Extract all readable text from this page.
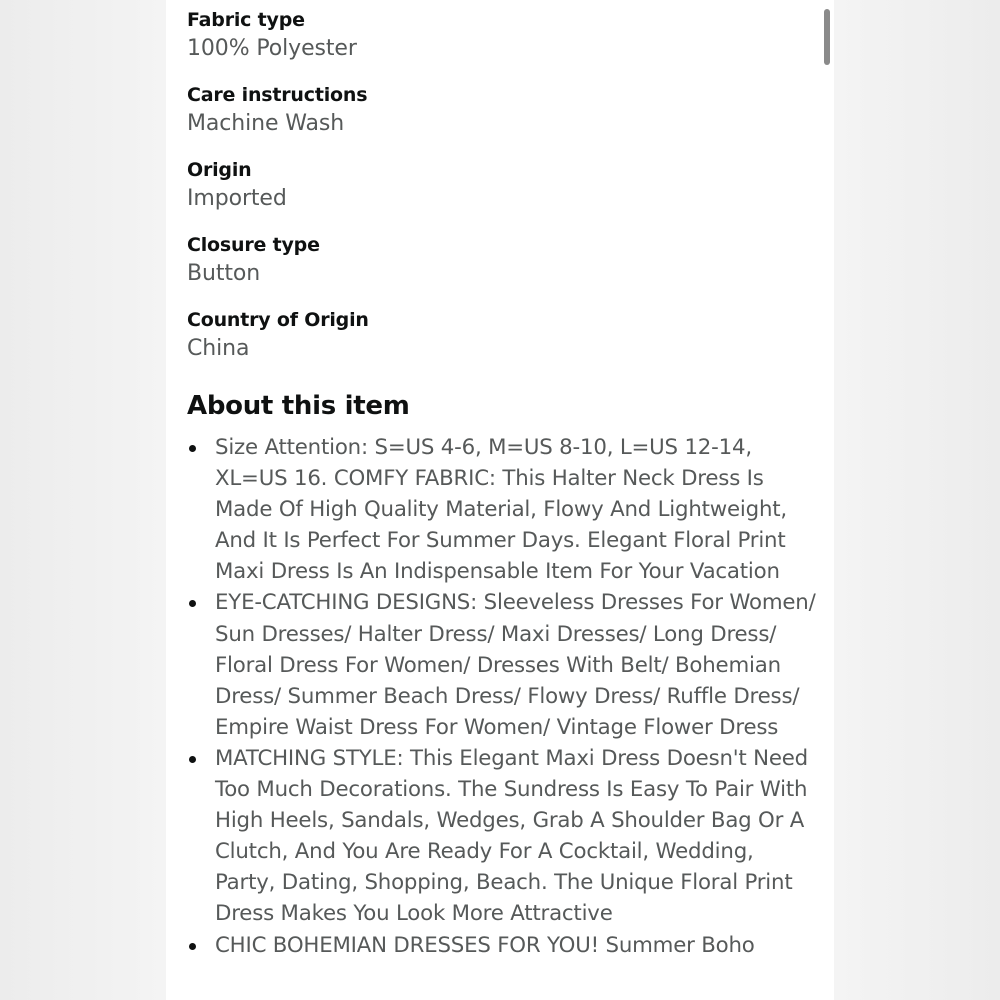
Fabric type
100% Polyester
Care instructions
Machine Wash
Origin
Imported
Closure type
Button
Country of Origin
China
About this item
Size Attention: S=US 4-6, M=US 8-10, L=US 12-14, XL=US 16. COMFY FABRIC: This Halter Neck Dress Is Made Of High Quality Material, Flowy And Lightweight, And It Is Perfect For Summer Days. Elegant Floral Print Maxi Dress Is An Indispensable Item For Your Vacation
EYE-CATCHING DESIGNS: Sleeveless Dresses For Women/ Sun Dresses/ Halter Dress/ Maxi Dresses/ Long Dress/ Floral Dress For Women/ Dresses With Belt/ Bohemian Dress/ Summer Beach Dress/ Flowy Dress/ Ruffle Dress/ Empire Waist Dress For Women/ Vintage Flower Dress
MATCHING STYLE: This Elegant Maxi Dress Doesn't Need Too Much Decorations. The Sundress Is Easy To Pair With High Heels, Sandals, Wedges, Grab A Shoulder Bag Or A Clutch, And You Are Ready For A Cocktail, Wedding, Party, Dating, Shopping, Beach. The Unique Floral Print Dress Makes You Look More Attractive
CHIC BOHEMIAN DRESSES FOR YOU! Summer Boho
